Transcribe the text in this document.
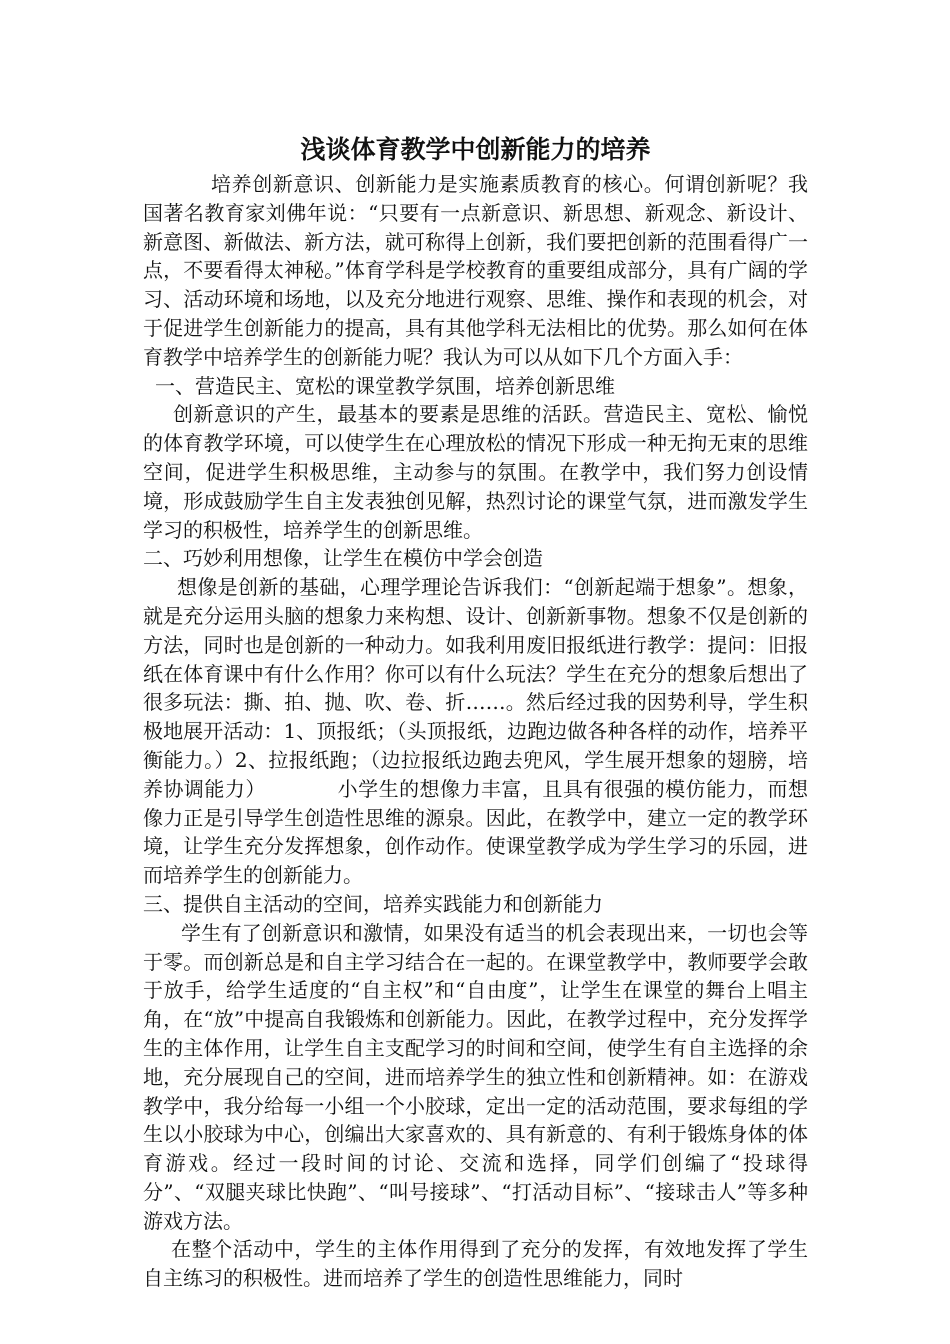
浅谈体育教学中创新能力的培养

培养创新意识、创新能力是实施素质教育的核心。何谓创新呢？我国著名教育家刘佛年说：“只要有一点新意识、新思想、新观念、新设计、新意图、新做法、新方法，就可称得上创新，我们要把创新的范围看得广一点，不要看得太神秘。”体育学科是学校教育的重要组成部分，具有广阔的学习、活动环境和场地，以及充分地进行观察、思维、操作和表现的机会，对于促进学生创新能力的提高，具有其他学科无法相比的优势。那么如何在体育教学中培养学生的创新能力呢？我认为可以从如下几个方面入手：

一、营造民主、宽松的课堂教学氛围，培养创新思维

创新意识的产生，最基本的要素是思维的活跃。营造民主、宽松、愉悦 的体育教学环境，可以使学生在心理放松的情况下形成一种无拘无束的思维空间，促进学生积极思维，主动参与的氛围。在教学中，我们努力创设情境，形成鼓励学生自主发表独创见解，热烈讨论的课堂气氛，进而激发学生学习的积极性，培养学生的创新思维。

二、巧妙利用想像，让学生在模仿中学会创造

想像是创新的基础，心理学理论告诉我们：“创新起端于想象”。想象，就是充分运用头脑的想象力来构想、设计、创新新事物。想象不仅是创新的方法，同时也是创新的一种动力。如我利用废旧报纸进行教学：提问：旧报纸在体育课中有什么作用？你可以有什么玩法？学生在充分的想象后想出了很多玩法：撕、拍、抛、吹、卷、折……。然后经过我的因势利导，学生积极地展开活动：1、顶报纸；（头顶报纸，边跑边做各种各样的动作，培养平衡能力。）2、拉报纸跑；（边拉报纸边跑去兜风，学生展开想象的翅膀，培养协调能力）　　　　小学生的想像力丰富，且具有很强的模仿能力，而想像力正是引导学生创造性思维的源泉。因此，在教学中，建立一定的教学环境，让学生充分发挥想象，创作动作。使课堂教学成为学生学习的乐园，进而培养学生的创新能力。

三、提供自主活动的空间，培养实践能力和创新能力

学生有了创新意识和激情，如果没有适当的机会表现出来，一切也会等于零。而创新总是和自主学习结合在一起的。在课堂教学中，教师要学会敢于放手，给学生适度的“自主权”和“自由度”，让学生在课堂的舞台上唱主角，在“放”中提高自我锻炼和创新能力。因此，在教学过程中，充分发挥学生的主体作用，让学生自主支配学习的时间和空间，使学生有自主选择的余地，充分展现自己的空间，进而培养学生的独立性和创新精神。如：在游戏教学中，我分给每一小组一个小胶球，定出一定的活动范围，要求每组的学生以小胶球为中心，创编出大家喜欢的、具有新意的、有利于锻炼身体的体育游戏。经过一段时间的讨论、交流和选择，同学们创编了“投球得分”、“双腿夹球比快跑”、“叫号接球”、“打活动目标”、“接球击人”等多种游戏方法。

在整个活动中，学生的主体作用得到了充分的发挥，有效地发挥了学生自主练习的积极性。进而培养了学生的创造性思维能力，同时
